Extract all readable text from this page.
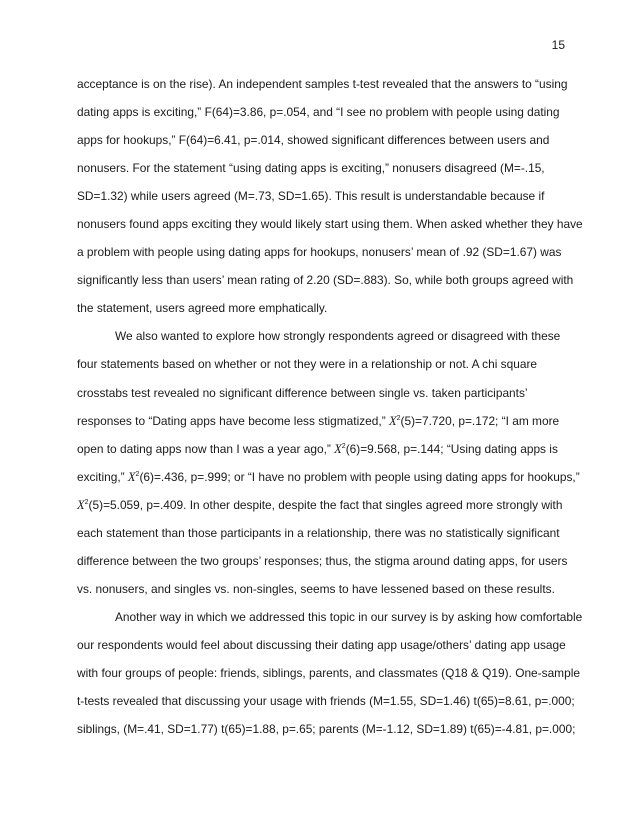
15
acceptance is on the rise). An independent samples t-test revealed that the answers to “using
dating apps is exciting,” F(64)=3.86, p=.054, and “I see no problem with people using dating
apps for hookups,” F(64)=6.41, p=.014, showed significant differences between users and
nonusers. For the statement “using dating apps is exciting,” nonusers disagreed (M=-.15,
SD=1.32) while users agreed (M=.73, SD=1.65). This result is understandable because if
nonusers found apps exciting they would likely start using them. When asked whether they have
a problem with people using dating apps for hookups, nonusers’ mean of .92 (SD=1.67) was
significantly less than users’ mean rating of 2.20 (SD=.883). So, while both groups agreed with
the statement, users agreed more emphatically.
We also wanted to explore how strongly respondents agreed or disagreed with these
four statements based on whether or not they were in a relationship or not. A chi square
crosstabs test revealed no significant difference between single vs. taken participants’
responses to “Dating apps have become less stigmatized,” $X^2(5)=7.720$, p=.172; “I am more
open to dating apps now than I was a year ago,” $X^2(6)=9.568$, p=.144; “Using dating apps is
exciting,” $X^2(6)=.436$, p=.999; or “I have no problem with people using dating apps for hookups,”
$X^2(5)=5.059$, p=.409. In other despite, despite the fact that singles agreed more strongly with
each statement than those participants in a relationship, there was no statistically significant
difference between the two groups’ responses; thus, the stigma around dating apps, for users
vs. nonusers, and singles vs. non-singles, seems to have lessened based on these results.
Another way in which we addressed this topic in our survey is by asking how comfortable
our respondents would feel about discussing their dating app usage/others’ dating app usage
with four groups of people: friends, siblings, parents, and classmates (Q18 & Q19). One-sample
t-tests revealed that discussing your usage with friends (M=1.55, SD=1.46) t(65)=8.61, p=.000;
siblings, (M=.41, SD=1.77) t(65)=1.88, p=.65; parents (M=-1.12, SD=1.89) t(65)=-4.81, p=.000;
